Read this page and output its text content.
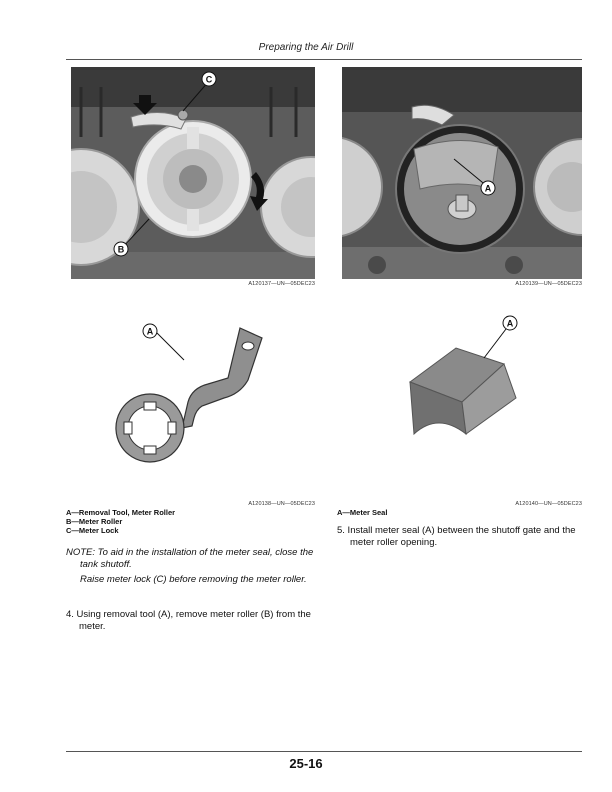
Preparing the Air Drill
C
B
A120137—UN—05DEC23
A
A120139—UN—05DEC23
A
A
A120138—UN—05DEC23
A—Removal Tool, Meter Roller
B—Meter Roller
C—Meter Lock
NOTE: To aid in the installation of the meter seal, close the tank shutoff.
Raise meter lock (C) before removing the meter roller.
4. Using removal tool (A), remove meter roller (B) from the meter.
A120140—UN—05DEC23
A—Meter Seal
5. Install meter seal (A) between the shutoff gate and the meter roller opening.
25-16
